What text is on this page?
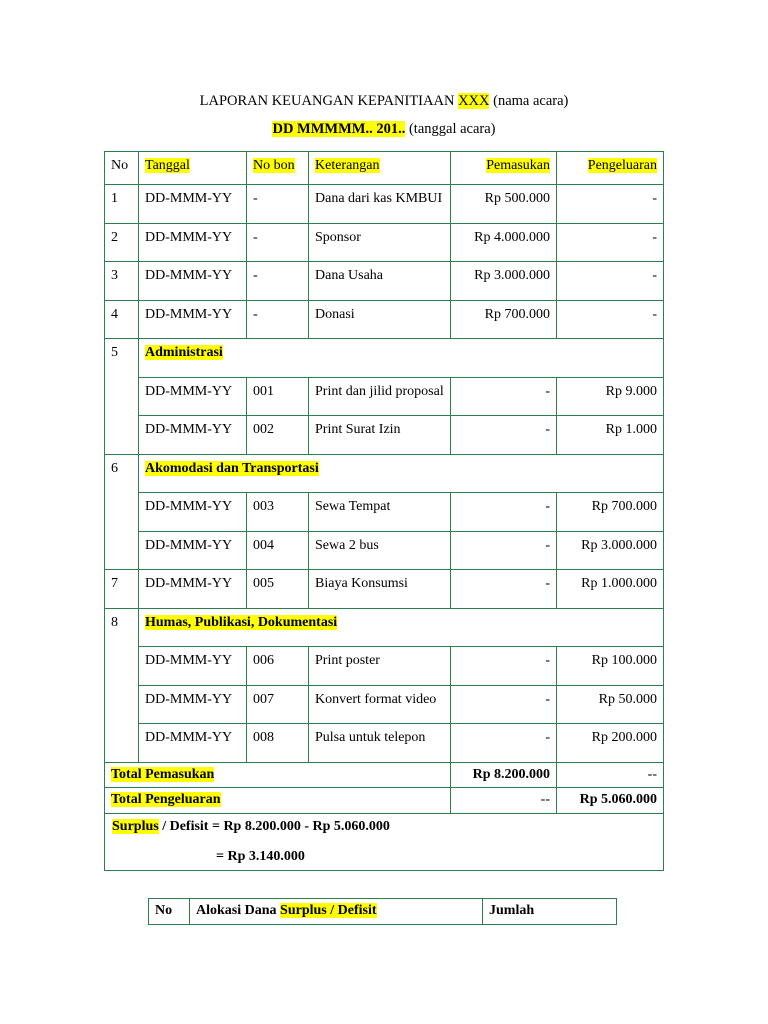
LAPORAN KEUANGAN KEPANITIAAN XXX (nama acara)
DD MMMMM.. 201.. (tanggal acara)
No	Tanggal	No bon	Keterangan	Pemasukan	Pengeluaran
1	DD-MMM-YY	-	Dana dari kas KMBUI	Rp 500.000	-
2	DD-MMM-YY	-	Sponsor	Rp 4.000.000	-
3	DD-MMM-YY	-	Dana Usaha	Rp 3.000.000	-
4	DD-MMM-YY	-	Donasi	Rp 700.000	-
5	Administrasi
DD-MMM-YY	001	Print dan jilid proposal	-	Rp 9.000
DD-MMM-YY	002	Print Surat Izin	-	Rp 1.000
6	Akomodasi dan Transportasi
DD-MMM-YY	003	Sewa Tempat	-	Rp 700.000
DD-MMM-YY	004	Sewa 2 bus	-	Rp 3.000.000
7	DD-MMM-YY	005	Biaya Konsumsi	-	Rp 1.000.000
8	Humas, Publikasi, Dokumentasi
DD-MMM-YY	006	Print poster	-	Rp 100.000
DD-MMM-YY	007	Konvert format video	-	Rp 50.000
DD-MMM-YY	008	Pulsa untuk telepon	-	Rp 200.000
Total Pemasukan	Rp 8.200.000	--
Total Pengeluaran	--	Rp 5.060.000
Surplus / Defisit = Rp 8.200.000 - Rp 5.060.000
= Rp 3.140.000
No	Alokasi Dana Surplus / Defisit	Jumlah
